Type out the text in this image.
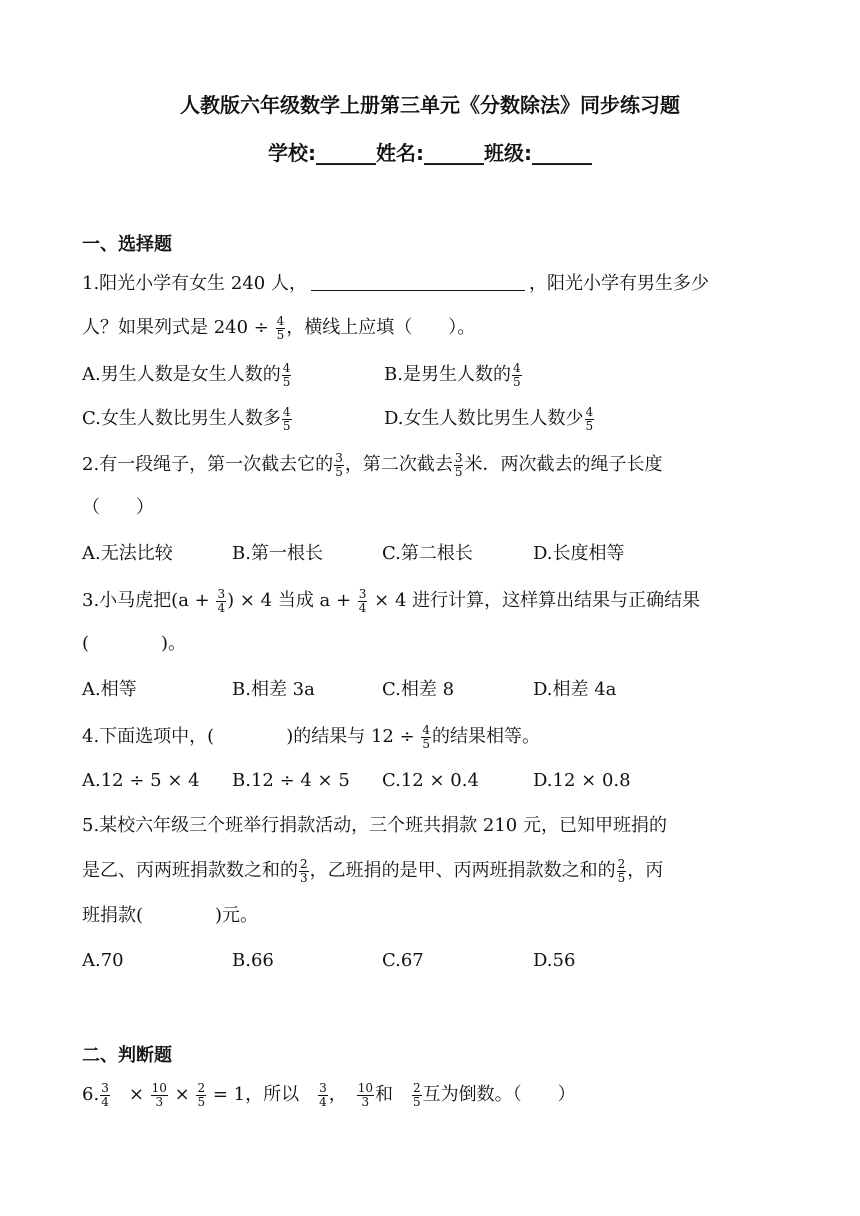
人教版六年级数学上册第三单元《分数除法》同步练习题
学校:______姓名:______班级:______
一、选择题
1.阳光小学有女生 240 人，	，阳光小学有男生多少
人？如果列式是 $240 \div \frac{4}{5}$ ，横线上应填（　　）。
A.男生人数是女生人数的 $\frac{4}{5}$	B.是男生人数的 $\frac{4}{5}$
C.女生人数比男生人数多 $\frac{4}{5}$	D.女生人数比男生人数少 $\frac{4}{5}$
2.有一段绳子，第一次截去它的 $\frac{3}{5}$ ，第二次截去 $\frac{3}{5}$ 米．两次截去的绳子长度
（　　）
A.无法比较	B.第一根长	C.第二根长	D.长度相等
3.小马虎把($a + \frac{3}{4}$ ) × 4 当成 $a + \frac{3}{4} \times 4$ 进行计算，这样算出结果与正确结果
(　　　　)。
A.相等	B.相差 3a	C.相差 8	D.相差 4a
4.下面选项中，(　　　　)的结果与 $12 \div \frac{4}{5}$ 的结果相等。
A.12 ÷ 5 × 4 B.12 ÷ 4 × 5 C.12 × 0.4	D.12 × 0.8
5.某校六年级三个班举行捐款活动，三个班共捐款 210 元，已知甲班捐的
是乙、丙两班捐款数之和的 $\frac{2}{3}$ ，乙班捐的是甲、丙两班捐款数之和的 $\frac{2}{5}$ ，丙
班捐款(　　　　)元。
A.70	B.66	C.67	D.56
二、判断题
6. $\frac{3}{4}$ 　× $\frac{10}{3} \times \frac{2}{5} = 1$，所以　 $\frac{3}{4}$ ，　 $\frac{10}{3}$ 和　 $\frac{2}{5}$ 互为倒数。（　　）
